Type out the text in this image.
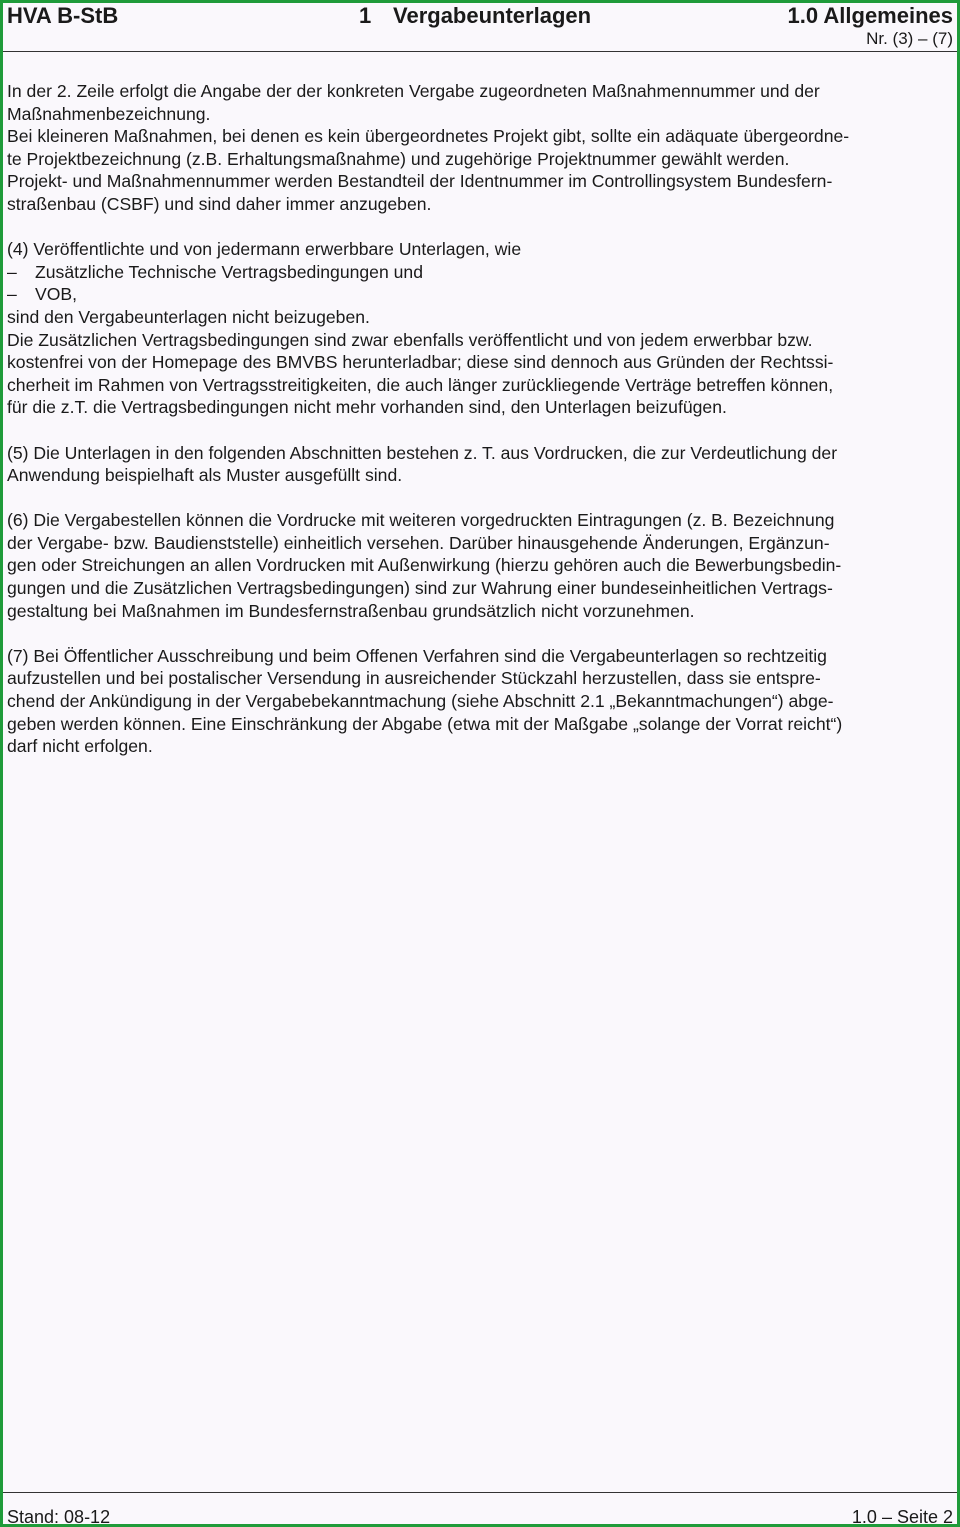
HVA B-StB	1 Vergabeunterlagen	1.0 Allgemeines
Nr. (3) – (7)

In der 2. Zeile erfolgt die Angabe der der konkreten Vergabe zugeordneten Maßnahmennummer und der
Maßnahmenbezeichnung.
Bei kleineren Maßnahmen, bei denen es kein übergeordnetes Projekt gibt, sollte ein adäquate übergeordne-
te Projektbezeichnung (z.B. Erhaltungsmaßnahme) und zugehörige Projektnummer gewählt werden.
Projekt- und Maßnahmennummer werden Bestandteil der Identnummer im Controllingsystem Bundesfern-
straßenbau (CSBF) und sind daher immer anzugeben.

(4) Veröffentlichte und von jedermann erwerbbare Unterlagen, wie
– Zusätzliche Technische Vertragsbedingungen und
– VOB,
sind den Vergabeunterlagen nicht beizugeben.
Die Zusätzlichen Vertragsbedingungen sind zwar ebenfalls veröffentlicht und von jedem erwerbbar bzw.
kostenfrei von der Homepage des BMVBS herunterladbar; diese sind dennoch aus Gründen der Rechtssi-
cherheit im Rahmen von Vertragsstreitigkeiten, die auch länger zurückliegende Verträge betreffen können,
für die z.T. die Vertragsbedingungen nicht mehr vorhanden sind, den Unterlagen beizufügen.

(5) Die Unterlagen in den folgenden Abschnitten bestehen z. T. aus Vordrucken, die zur Verdeutlichung der
Anwendung beispielhaft als Muster ausgefüllt sind.

(6) Die Vergabestellen können die Vordrucke mit weiteren vorgedruckten Eintragungen (z. B. Bezeichnung
der Vergabe- bzw. Baudienststelle) einheitlich versehen. Darüber hinausgehende Änderungen, Ergänzun-
gen oder Streichungen an allen Vordrucken mit Außenwirkung (hierzu gehören auch die Bewerbungsbedin-
gungen und die Zusätzlichen Vertragsbedingungen) sind zur Wahrung einer bundeseinheitlichen Vertrags-
gestaltung bei Maßnahmen im Bundesfernstraßenbau grundsätzlich nicht vorzunehmen.

(7) Bei Öffentlicher Ausschreibung und beim Offenen Verfahren sind die Vergabeunterlagen so rechtzeitig
aufzustellen und bei postalischer Versendung in ausreichender Stückzahl herzustellen, dass sie entspre-
chend der Ankündigung in der Vergabebekanntmachung (siehe Abschnitt 2.1 „Bekanntmachungen“) abge-
geben werden können. Eine Einschränkung der Abgabe (etwa mit der Maßgabe „solange der Vorrat reicht“)
darf nicht erfolgen.

Stand: 08-12	1.0 – Seite 2
